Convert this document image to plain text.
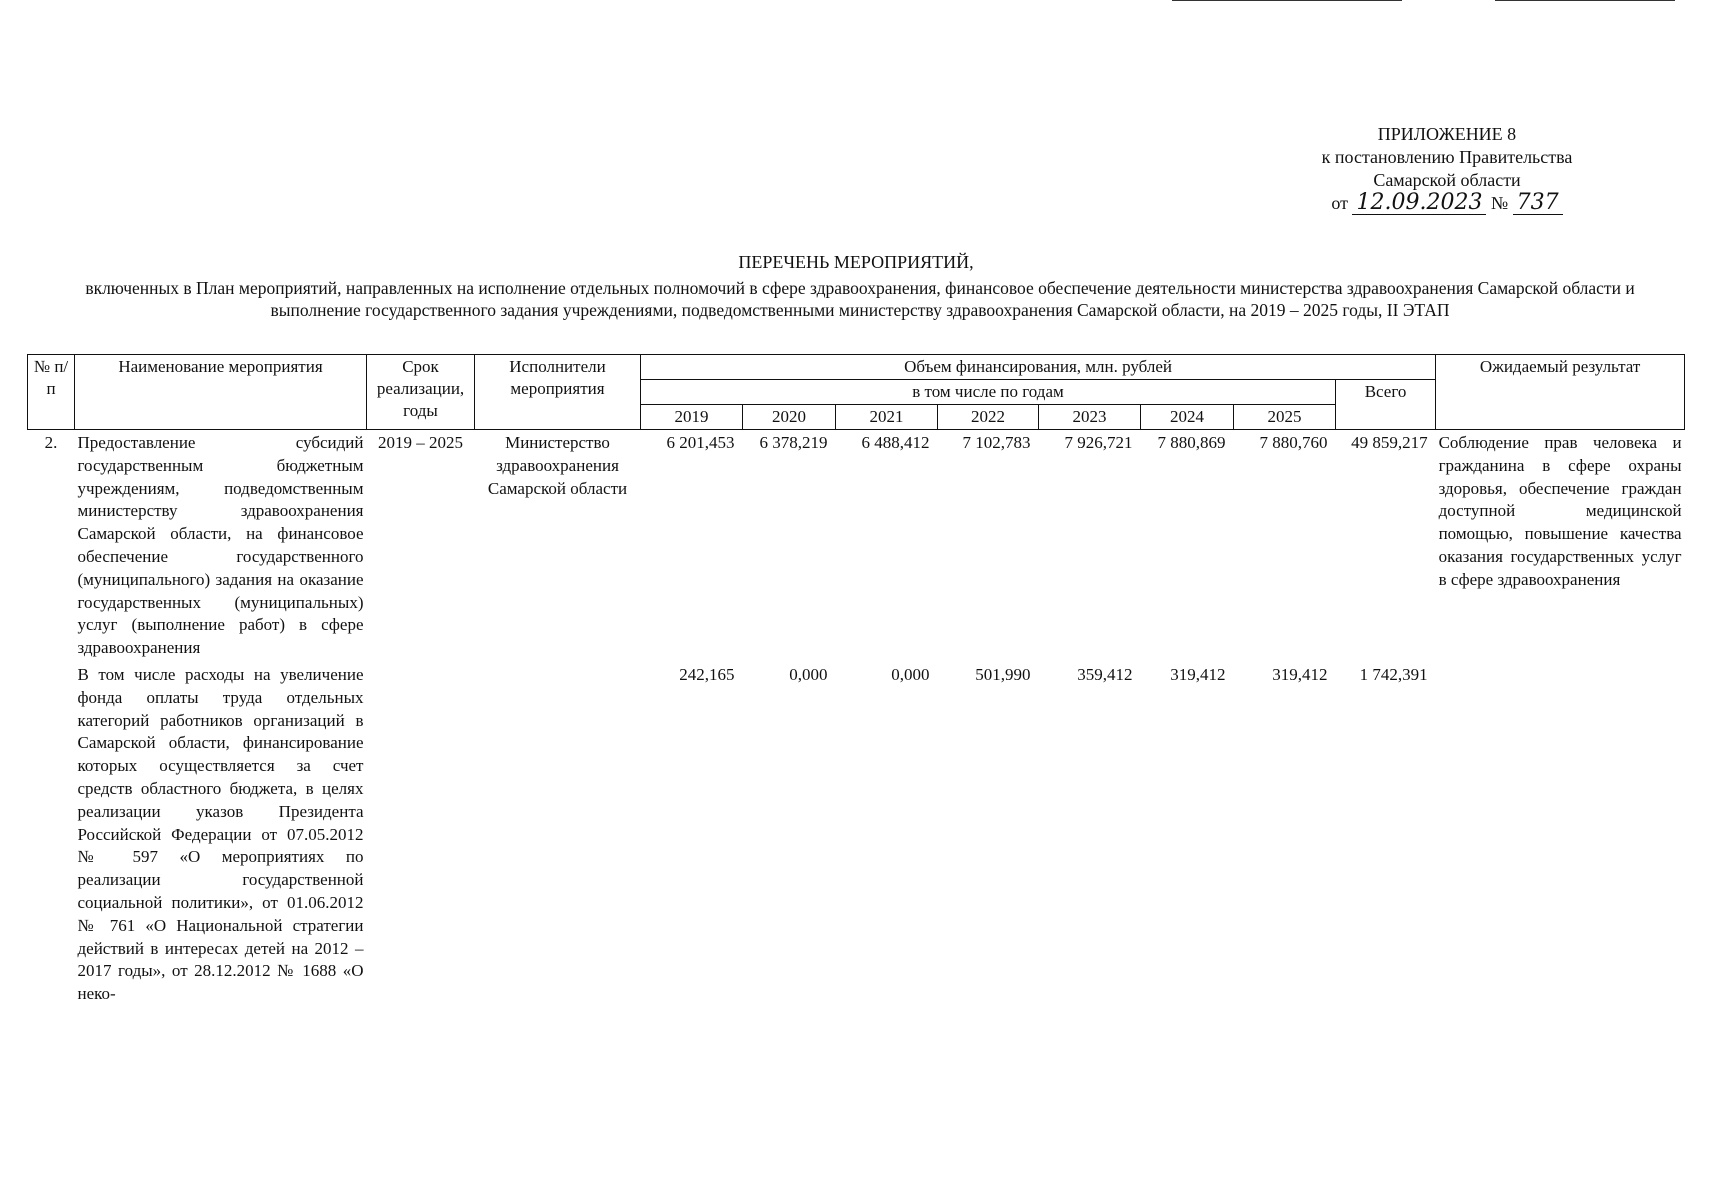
ПРИЛОЖЕНИЕ 8
к постановлению Правительства
Самарской области
от 12.09.2023 № 737
ПЕРЕЧЕНЬ МЕРОПРИЯТИЙ,
включенных в План мероприятий, направленных на исполнение отдельных полномочий в сфере здравоохранения, финансовое обеспечение деятельности министерства здравоохранения Самарской области и выполнение государственного задания учреждениями, подведомственными министерству здравоохранения Самарской области, на 2019 – 2025 годы, II ЭТАП
№ п/п	Наименование мероприятия	Срок реализации, годы	Исполнители мероприятия	Объем финансирования, млн. рублей								Ожидаемый результат
				в том числе по годам							Всего	
				2019	2020	2021	2022	2023	2024	2025		
2.	Предоставление субсидий государственным бюджетным учреждениям, подведомственным министерству здравоохранения Самарской области, на финансовое обеспечение государственного (муниципального) задания на оказание государственных (муниципальных) услуг (выполнение работ) в сфере здравоохранения	2019 – 2025	Министерство здравоохранения Самарской области	6 201,453	6 378,219	6 488,412	7 102,783	7 926,721	7 880,869	7 880,760	49 859,217	Соблюдение прав человека и гражданина в сфере охраны здоровья, обеспечение граждан доступной медицинской помощью, повышение качества оказания государственных услуг в сфере здравоохранения
	В том числе расходы на увеличение фонда оплаты труда отдельных категорий работников организаций в Самарской области, финансирование которых осуществляется за счет средств областного бюджета, в целях реализации указов Президента Российской Федерации от 07.05.2012 № 597 «О мероприятиях по реализации государственной социальной политики», от 01.06.2012 № 761 «О Национальной стратегии действий в интересах детей на 2012 – 2017 годы», от 28.12.2012 № 1688 «О неко-			242,165	0,000	0,000	501,990	359,412	319,412	319,412	1 742,391	
